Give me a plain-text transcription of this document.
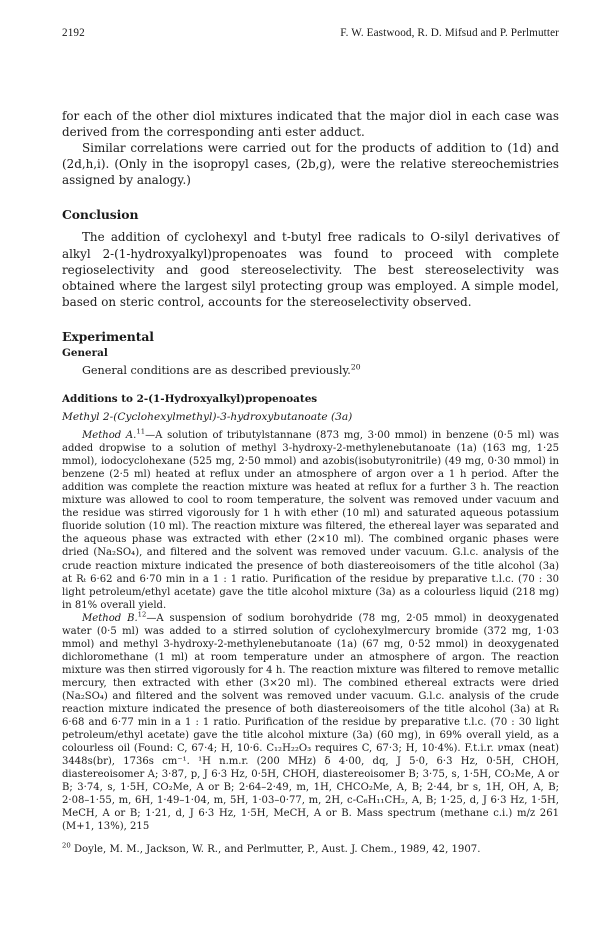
2192	F. W. Eastwood, R. D. Mifsud and P. Perlmutter

for each of the other diol mixtures indicated that the major diol in each case was derived from the corresponding anti ester adduct.

Similar correlations were carried out for the products of addition to (1d) and (2d,h,i). (Only in the isopropyl cases, (2b,g), were the relative stereochemistries assigned by analogy.)

Conclusion

The addition of cyclohexyl and t-butyl free radicals to O-silyl derivatives of alkyl 2-(1-hydroxyalkyl)propenoates was found to proceed with complete regioselectivity and good stereoselectivity. The best stereoselectivity was obtained where the largest silyl protecting group was employed. A simple model, based on steric control, accounts for the stereoselectivity observed.

Experimental
General

General conditions are as described previously.$^{20}$

Additions to 2-(1-Hydroxyalkyl)propenoates

Methyl 2-(Cyclohexylmethyl)-3-hydroxybutanoate (3a)

Method A.$^{11}$—A solution of tributylstannane (873 mg, 3·00 mmol) in benzene (0·5 ml) was added dropwise to a solution of methyl 3-hydroxy-2-methylenebutanoate (1a) (163 mg, 1·25 mmol), iodocyclohexane (525 mg, 2·50 mmol) and azobis(isobutyronitrile) (49 mg, 0·30 mmol) in benzene (2·5 ml) heated at reflux under an atmosphere of argon over a 1 h period. After the addition was complete the reaction mixture was heated at reflux for a further 3 h. The reaction mixture was allowed to cool to room temperature, the solvent was removed under vacuum and the residue was stirred vigorously for 1 h with ether (10 ml) and saturated aqueous potassium fluoride solution (10 ml). The reaction mixture was filtered, the ethereal layer was separated and the aqueous phase was extracted with ether (2×10 ml). The combined organic phases were dried (Na₂SO₄), and filtered and the solvent was removed under vacuum. G.l.c. analysis of the crude reaction mixture indicated the presence of both diastereoisomers of the title alcohol (3a) at Rₜ 6·62 and 6·70 min in a 1 : 1 ratio. Purification of the residue by preparative t.l.c. (70 : 30 light petroleum/ethyl acetate) gave the title alcohol mixture (3a) as a colourless liquid (218 mg) in 81% overall yield.

Method B.$^{12}$—A suspension of sodium borohydride (78 mg, 2·05 mmol) in deoxygenated water (0·5 ml) was added to a stirred solution of cyclohexylmercury bromide (372 mg, 1·03 mmol) and methyl 3-hydroxy-2-methylenebutanoate (1a) (67 mg, 0·52 mmol) in deoxygenated dichloromethane (1 ml) at room temperature under an atmosphere of argon. The reaction mixture was then stirred vigorously for 4 h. The reaction mixture was filtered to remove metallic mercury, then extracted with ether (3×20 ml). The combined ethereal extracts were dried (Na₂SO₄) and filtered and the solvent was removed under vacuum. G.l.c. analysis of the crude reaction mixture indicated the presence of both diastereoisomers of the title alcohol (3a) at Rₜ 6·68 and 6·77 min in a 1 : 1 ratio. Purification of the residue by preparative t.l.c. (70 : 30 light petroleum/ethyl acetate) gave the title alcohol mixture (3a) (60 mg), in 69% overall yield, as a colourless oil (Found: C, 67·4; H, 10·6. C₁₂H₂₂O₃ requires C, 67·3; H, 10·4%). F.t.i.r. νmax (neat) 3448s(br), 1736s cm⁻¹. ¹H n.m.r. (200 MHz) δ 4·00, dq, J 5·0, 6·3 Hz, 0·5H, CHOH, diastereoisomer A; 3·87, p, J 6·3 Hz, 0·5H, CHOH, diastereoisomer B; 3·75, s, 1·5H, CO₂Me, A or B; 3·74, s, 1·5H, CO₂Me, A or B; 2·64–2·49, m, 1H, CHCO₂Me, A, B; 2·44, br s, 1H, OH, A, B; 2·08–1·55, m, 6H, 1·49–1·04, m, 5H, 1·03–0·77, m, 2H, c-C₆H₁₁CH₂, A, B; 1·25, d, J 6·3 Hz, 1·5H, MeCH, A or B; 1·21, d, J 6·3 Hz, 1·5H, MeCH, A or B. Mass spectrum (methane c.i.) m/z 261 (M+1, 13%), 215

$^{20}$ Doyle, M. M., Jackson, W. R., and Perlmutter, P., Aust. J. Chem., 1989, 42, 1907.
